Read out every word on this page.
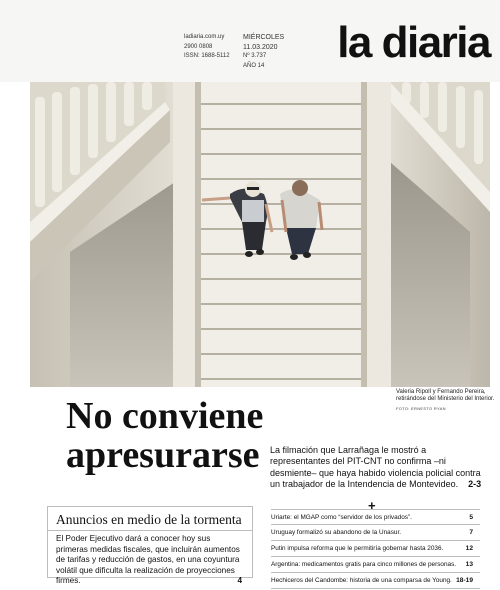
ladiaria.com.uy
2900 0808
ISSN: 1688-5112
MIÉRCOLES
11.03.2020
Nº 3.737
AÑO 14	la diaria
Valeria Ripoll y Fernando Pereira, retirándose del Ministerio del Interior.
FOTO: ERNESTO RYAN
No conviene apresurarse	La filmación que Larrañaga le mostró a representantes del PIT-CNT no confirma –ni desmiente– que haya habido violencia policial contra un trabajador de la Intendencia de Montevideo. 2-3
Anuncios en medio de la tormenta
El Poder Ejecutivo dará a conocer hoy sus primeras medidas fiscales, que incluirán aumentos de tarifas y reducción de gastos, en una coyuntura volátil que dificulta la realización de proyecciones firmes.	4
+
Uriarte: el MGAP como “servidor de los privados”.	5
Uruguay formalizó su abandono de la Unasur.	7
Putin impulsa reforma que le permitiría gobernar hasta 2036.	12
Argentina: medicamentos gratis para cinco millones de personas. 13
Hechiceros del Candombe: historia de una comparsa de Young. 18-19
